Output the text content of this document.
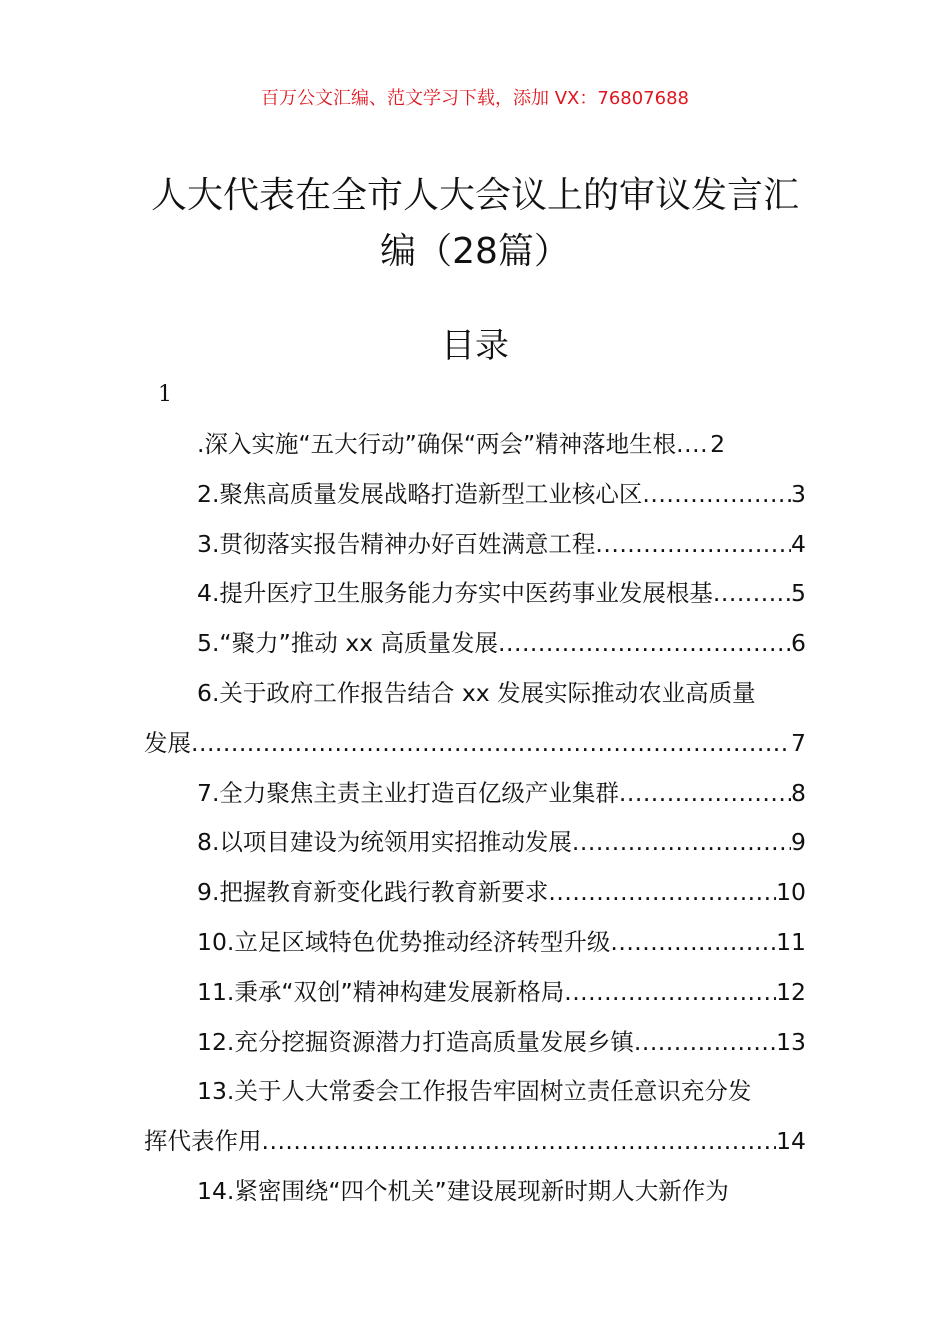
百万公文汇编、范文学习下载，添加 VX：76807688
人大代表在全市人大会议上的审议发言汇
编（28篇）
目录
1
.深入实施“五大行动”确保“两会”精神落地生根 ..... 2
2.聚焦高质量发展战略打造新型工业核心区 .....	3
3.贯彻落实报告精神办好百姓满意工程 .....	4
4.提升医疗卫生服务能力夯实中医药事业发展根基 .....	5
5.“聚力”推动 xx 高质量发展 .....	6
6.关于政府工作报告结合 xx 发展实际推动农业高质量
发展 .....	7
7.全力聚焦主责主业打造百亿级产业集群 .....	8
8.以项目建设为统领用实招推动发展 .....	9
9.把握教育新变化践行教育新要求 .....	10
10.立足区域特色优势推动经济转型升级 .....	11
11.秉承“双创”精神构建发展新格局 .....	12
12.充分挖掘资源潜力打造高质量发展乡镇 .....	13
13.关于人大常委会工作报告牢固树立责任意识充分发
挥代表作用 .....	14
14.紧密围绕“四个机关”建设展现新时期人大新作为
